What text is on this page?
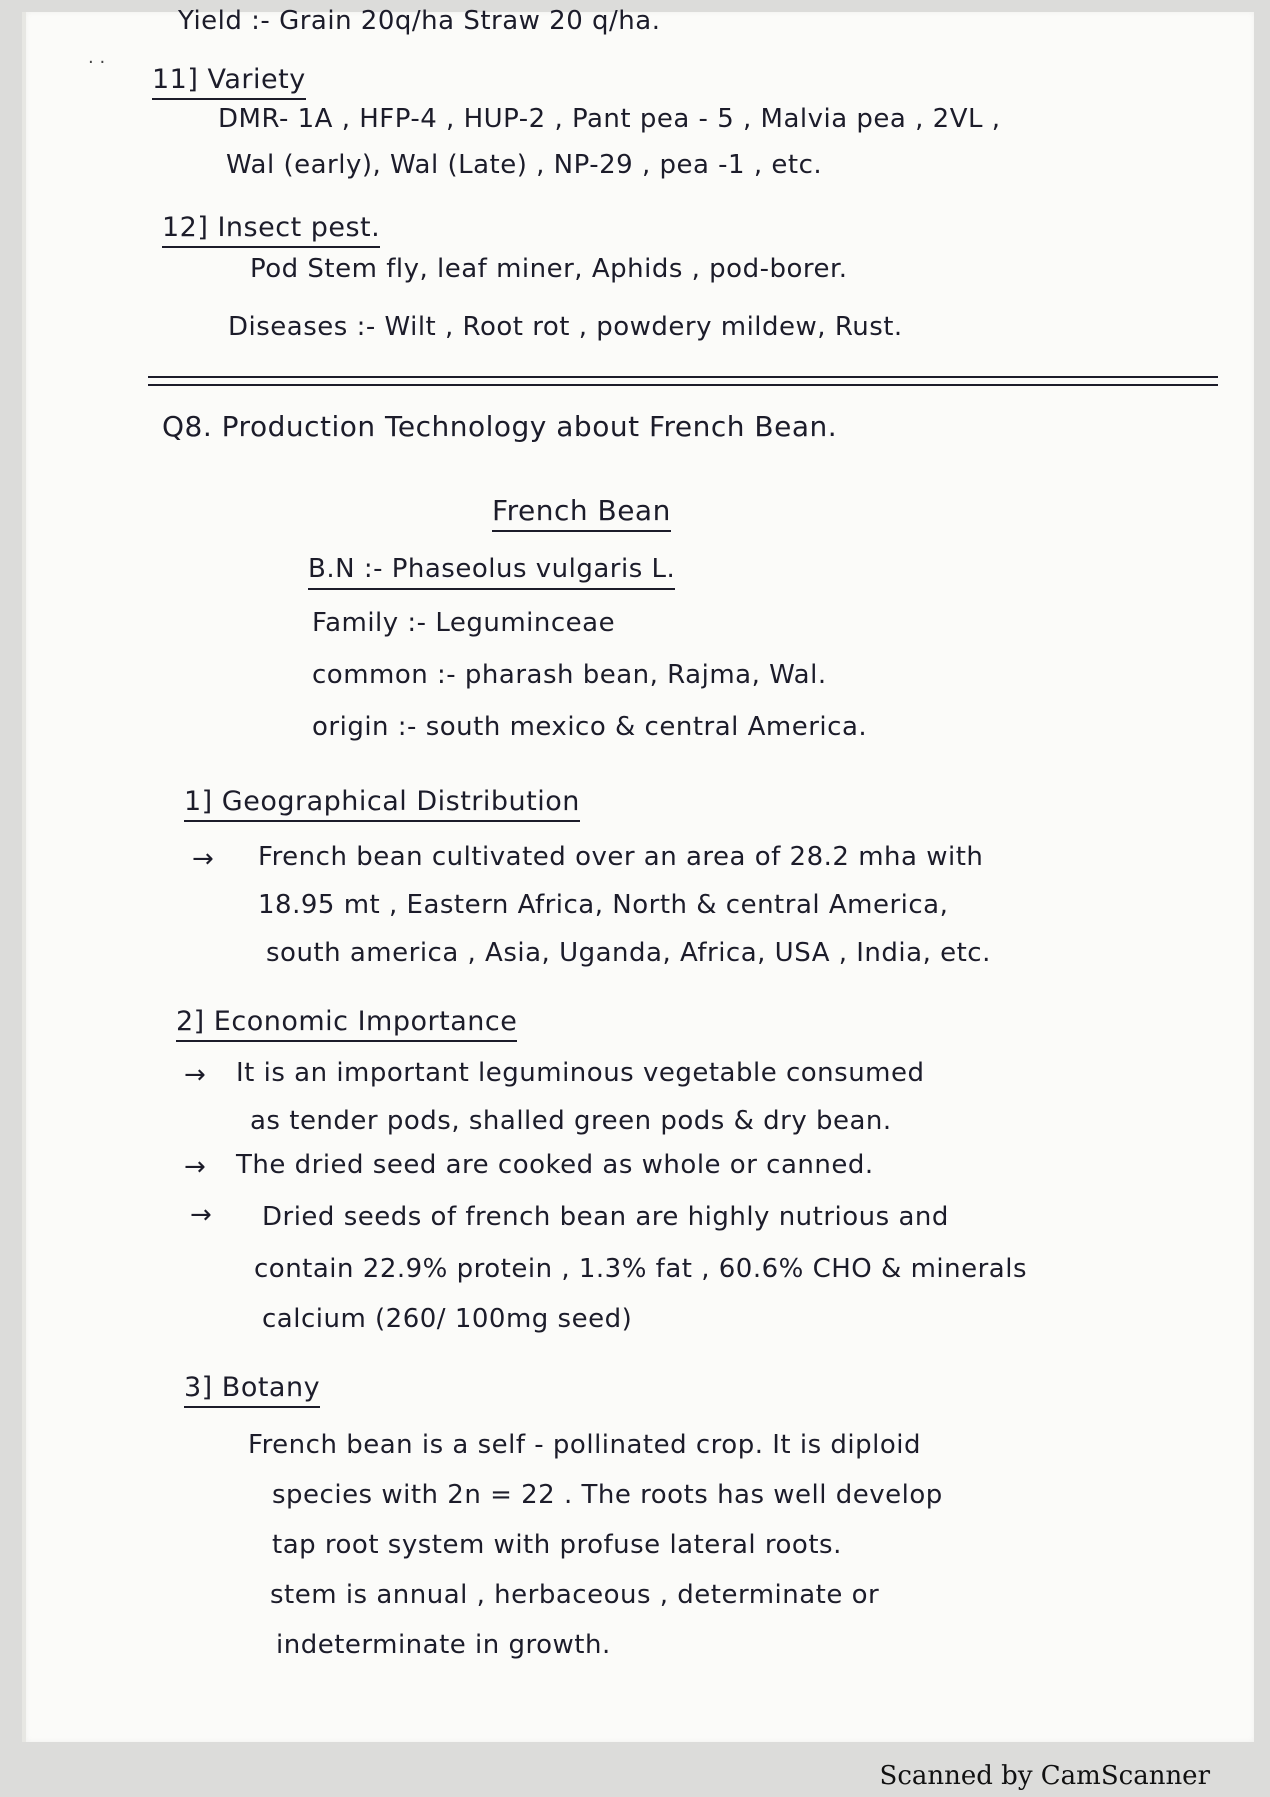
· ·
Yield :- Grain 20q/ha Straw 20 q/ha.
11] Variety
DMR- 1A , HFP-4 , HUP-2 , Pant pea - 5 , Malvia pea , 2VL ,
Wal (early), Wal (Late) , NP-29 , pea -1 , etc.
12] Insect pest.
Pod Stem fly, leaf miner, Aphids , pod-borer.
Diseases :- Wilt , Root rot , powdery mildew, Rust.
Q8. Production Technology about French Bean.
French Bean
B.N :- Phaseolus vulgaris L.
Family :- Leguminceae
common :- pharash bean, Rajma, Wal.
origin :- south mexico & central America.
1] Geographical Distribution
→ French bean cultivated over an area of 28.2 mha with
18.95 mt , Eastern Africa, North & central America,
south america , Asia, Uganda, Africa, USA , India, etc.
2] Economic Importance
→ It is an important leguminous vegetable consumed
as tender pods, shalled green pods & dry bean.
→ The dried seed are cooked as whole or canned.
→ Dried seeds of french bean are highly nutrious and
contain 22.9% protein , 1.3% fat , 60.6% CHO & minerals
calcium (260/ 100mg seed)
3] Botany
French bean is a self - pollinated crop. It is diploid
species with 2n = 22 . The roots has well develop
tap root system with profuse lateral roots.
stem is annual , herbaceous , determinate or
indeterminate in growth.
Scanned by CamScanner
